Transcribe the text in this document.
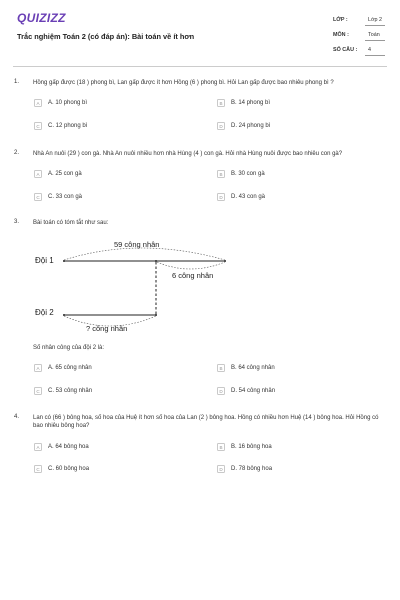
QUIZIZZ
Trắc nghiệm Toán 2 (có đáp án): Bài toán về ít hơn
LỚP :	Lớp 2
MÔN :	Toán
SỐ CÂU : 4
1. Hồng gấp được (18 ) phong bì, Lan gấp được ít hơn Hồng (6 ) phong bì. Hỏi Lan gấp được bao nhiêu phong bì ?
A	A. 10 phong bì	B	B. 14 phong bì
C	C. 12 phong bì	D	D. 24 phong bì
2. Nhà An nuôi (29 ) con gà. Nhà An nuôi nhiều hơn nhà Hùng (4 ) con gà. Hỏi nhà Hùng nuôi được bao nhiêu con gà?
A	A. 25 con gà	B	B. 30 con gà
C	C. 33 con gà	D	D. 43 con gà
3. Bài toán có tóm tắt như sau:
Đội 1
59 công nhân
6 công nhân
Đội 2
? công nhân
Số nhân công của đội 2 là:
A	A. 65 công nhân	B	B. 64 công nhân
C	C. 53 công nhân	D	D. 54 công nhân
4. Lan có (66 ) bông hoa, số hoa của Huệ ít hơn số hoa của Lan (2 ) bông hoa. Hồng có nhiều hơn Huệ (14 ) bông hoa. Hỏi Hồng có bao nhiêu bông hoa?
A	A. 64 bông hoa	B	B. 16 bông hoa
C	C. 60 bông hoa	D	D. 78 bông hoa
